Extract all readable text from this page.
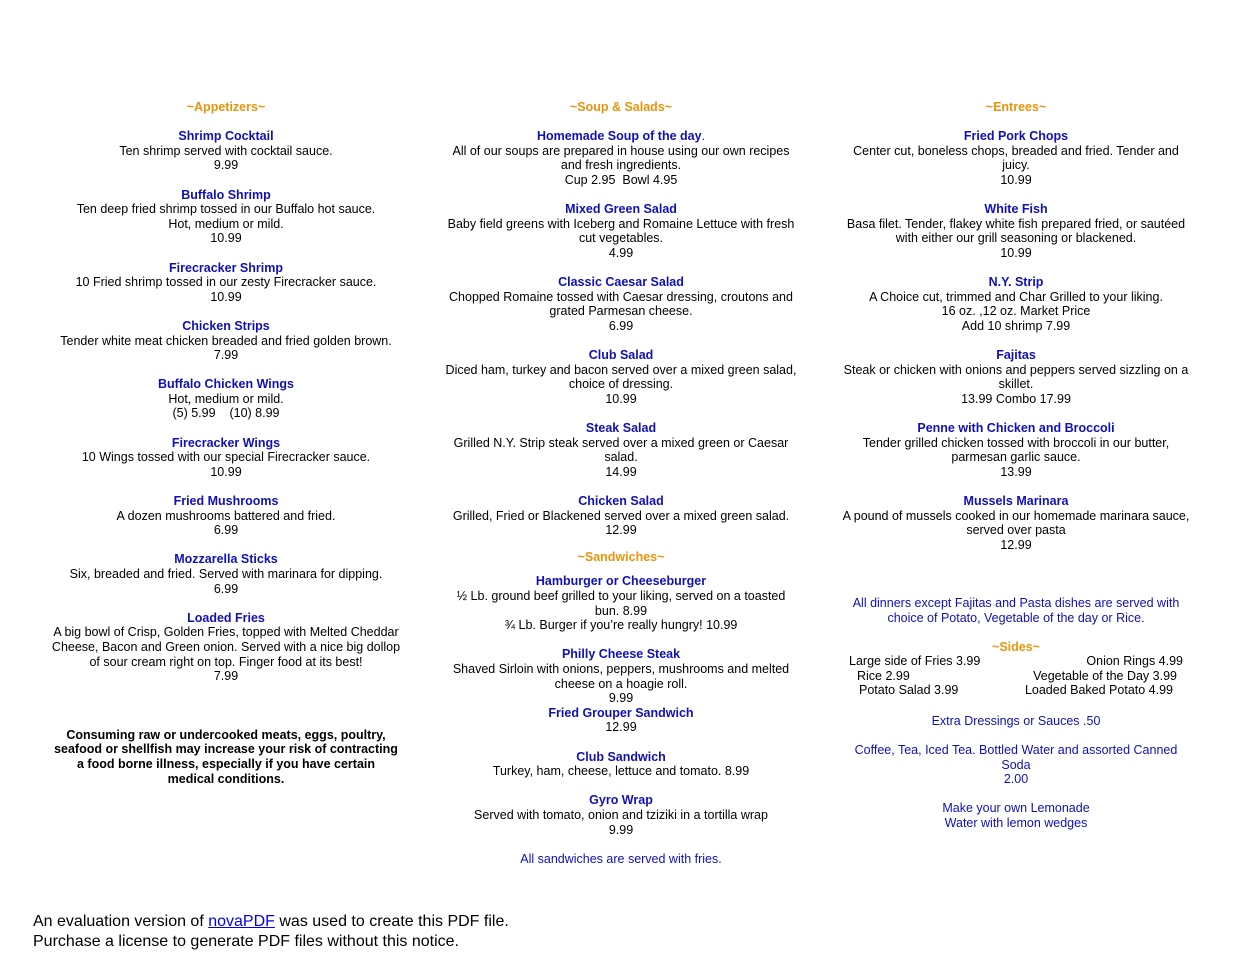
~Appetizers~
Shrimp Cocktail
Ten shrimp served with cocktail sauce.
9.99
Buffalo Shrimp
Ten deep fried shrimp tossed in our Buffalo hot sauce.
Hot, medium or mild.
10.99
Firecracker Shrimp
10 Fried shrimp tossed in our zesty Firecracker sauce.
10.99
Chicken Strips
Tender white meat chicken breaded and fried golden brown.
7.99
Buffalo Chicken Wings
Hot, medium or mild.
(5) 5.99    (10) 8.99
Firecracker Wings
10 Wings tossed with our special Firecracker sauce.
10.99
Fried Mushrooms
A dozen mushrooms battered and fried.
6.99
Mozzarella Sticks
Six, breaded and fried. Served with marinara for dipping.
6.99
Loaded Fries
A big bowl of Crisp, Golden Fries, topped with Melted Cheddar
Cheese, Bacon and Green onion. Served with a nice big dollop
of sour cream right on top. Finger food at its best!
7.99
Consuming raw or undercooked meats, eggs, poultry,
seafood or shellfish may increase your risk of contracting
a food borne illness, especially if you have certain
medical conditions.
~Soup & Salads~
Homemade Soup of the day.
All of our soups are prepared in house using our own recipes
and fresh ingredients.
Cup 2.95  Bowl 4.95
Mixed Green Salad
Baby field greens with Iceberg and Romaine Lettuce with fresh
cut vegetables.
4.99
Classic Caesar Salad
Chopped Romaine tossed with Caesar dressing, croutons and
grated Parmesan cheese.
6.99
Club Salad
Diced ham, turkey and bacon served over a mixed green salad,
choice of dressing.
10.99
Steak Salad
Grilled N.Y. Strip steak served over a mixed green or Caesar
salad.
14.99
Chicken Salad
Grilled, Fried or Blackened served over a mixed green salad.
12.99
~Sandwiches~
Hamburger or Cheeseburger
½ Lb. ground beef grilled to your liking, served on a toasted
bun. 8.99
¾ Lb. Burger if you’re really hungry! 10.99
Philly Cheese Steak
Shaved Sirloin with onions, peppers, mushrooms and melted
cheese on a hoagie roll.
9.99
Fried Grouper Sandwich
12.99
Club Sandwich
Turkey, ham, cheese, lettuce and tomato. 8.99
Gyro Wrap
Served with tomato, onion and tziziki in a tortilla wrap
9.99
All sandwiches are served with fries.
~Entrees~
Fried Pork Chops
Center cut, boneless chops, breaded and fried. Tender and
juicy.
10.99
White Fish
Basa filet. Tender, flakey white fish prepared fried, or sautéed
with either our grill seasoning or blackened.
10.99
N.Y. Strip
A Choice cut, trimmed and Char Grilled to your liking.
16 oz. ,12 oz. Market Price
Add 10 shrimp 7.99
Fajitas
Steak or chicken with onions and peppers served sizzling on a
skillet.
13.99 Combo 17.99
Penne with Chicken and Broccoli
Tender grilled chicken tossed with broccoli in our butter,
parmesan garlic sauce.
13.99
Mussels Marinara
A pound of mussels cooked in our homemade marinara sauce,
served over pasta
12.99
All dinners except Fajitas and Pasta dishes are served with
choice of Potato, Vegetable of the day or Rice.
~Sides~
Large side of Fries 3.99
Rice 2.99
Potato Salad 3.99
Onion Rings 4.99
Vegetable of the Day 3.99
Loaded Baked Potato 4.99
Extra Dressings or Sauces .50
Coffee, Tea, Iced Tea. Bottled Water and assorted Canned
Soda
2.00
Make your own Lemonade
Water with lemon wedges
An evaluation version of novaPDF was used to create this PDF file.
Purchase a license to generate PDF files without this notice.
